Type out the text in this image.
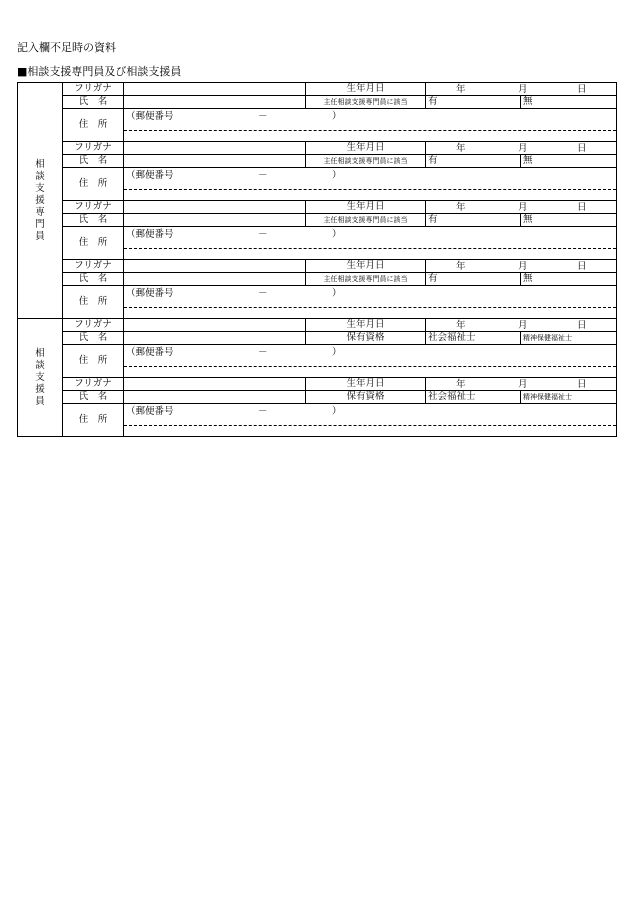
記入欄不足時の資料
■相談支援専門員及び相談支援員
相談支援専門員	フリガナ		生年月日	年 月 日	

	氏　名		主任相談支援専門員に該当	有	無
	住　所	（郵便番号 － ）			

	フリガナ		生年月日	年 月 日	

	氏　名		主任相談支援専門員に該当	有	無
	住　所	（郵便番号 － ）			

	フリガナ		生年月日	年 月 日	

	氏　名		主任相談支援専門員に該当	有	無
	住　所	（郵便番号 － ）			

	フリガナ		生年月日	年 月 日	

	氏　名		主任相談支援専門員に該当	有	無
	住　所	（郵便番号 － ）			

相談支援員	フリガナ		生年月日	年 月 日	

	氏　名		保有資格	社会福祉士	精神保健福祉士
	住　所	（郵便番号 － ）			

	フリガナ		生年月日	年 月 日	

	氏　名		保有資格	社会福祉士	精神保健福祉士
	住　所	（郵便番号 － ）			
